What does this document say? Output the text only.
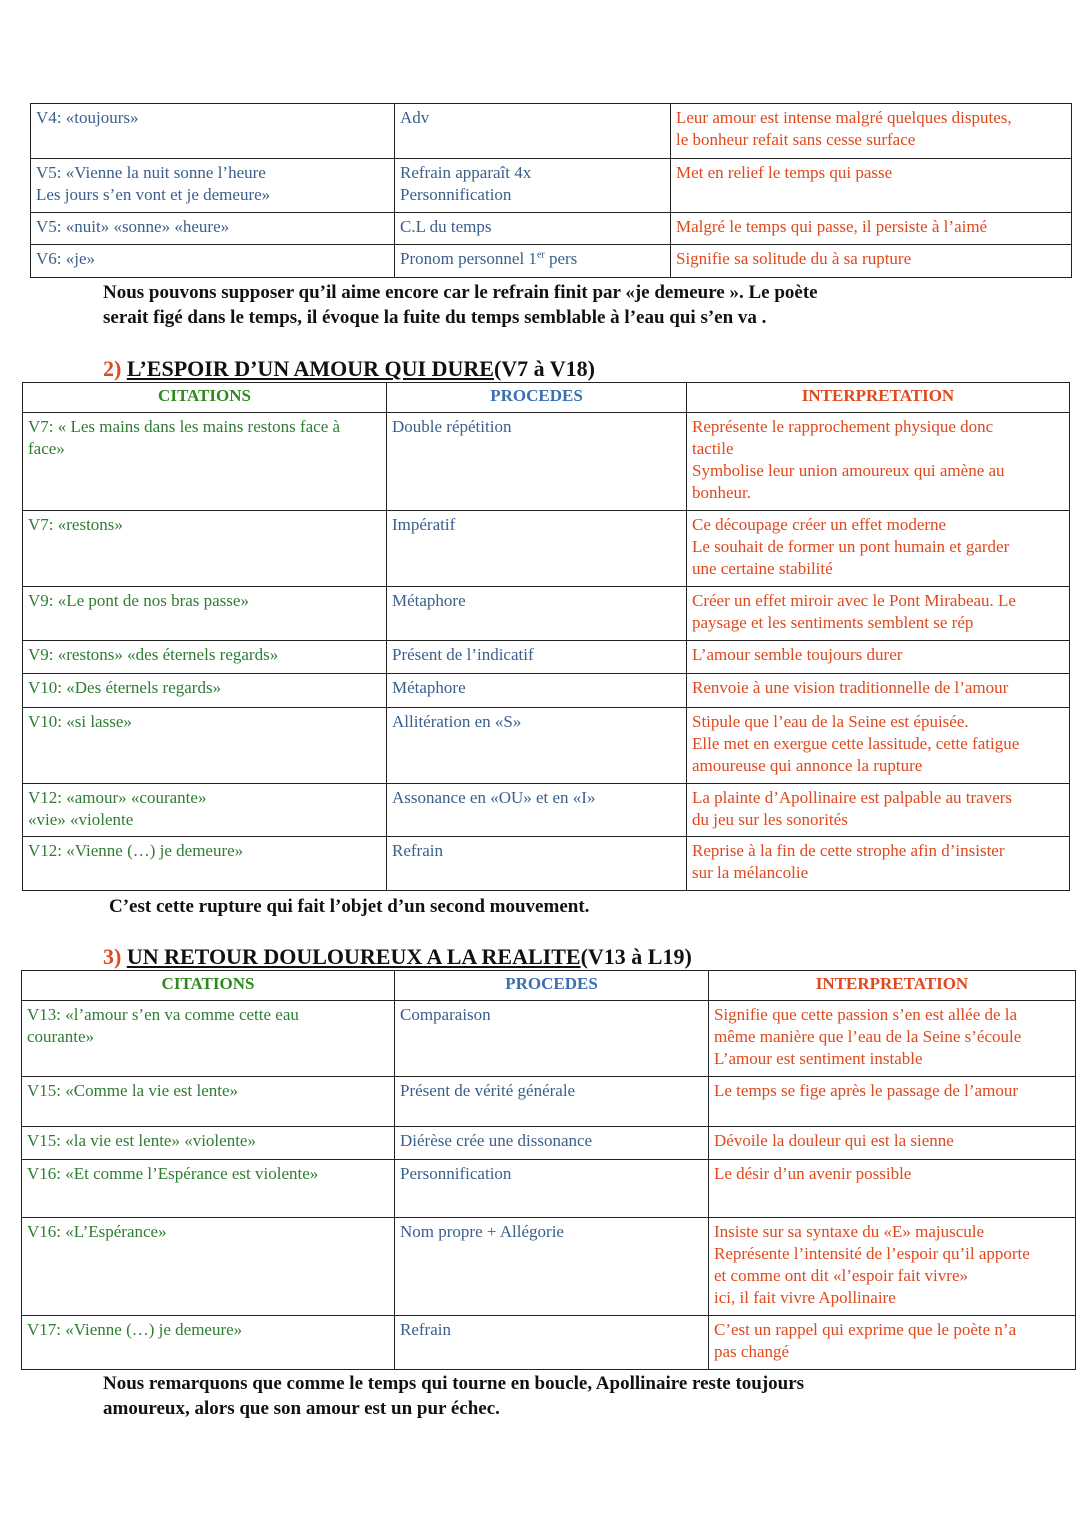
V4: «toujours»	Adv	Leur amour est intense malgré quelques disputes,
le bonheur refait sans cesse surface

V5: «Vienne la nuit sonne l’heure
Les jours s’en vont et je demeure»	Refrain apparaît 4x
Personnification	Met en relief le temps qui passe

V5: «nuit» «sonne» «heure»	C.L du temps	Malgré le temps qui passe, il persiste à l’aimé

V6: «je»	Pronom personnel 1er pers	Signifie sa solitude du à sa rupture
Nous pouvons supposer qu’il aime encore car le refrain finit par «je demeure ». Le poète
serait figé dans le temps, il évoque la fuite du temps semblable à l’eau qui s’en va .
2) L’ESPOIR D’UN AMOUR QUI DURE(V7 à V18)
CITATIONS	PROCEDES	INTERPRETATION

V7: « Les mains dans les mains restons face à
face»	Double répétition	Représente le rapprochement physique donc
tactile
Symbolise leur union amoureux qui amène au
bonheur.

V7: «restons»	Impératif	Ce découpage créer un effet moderne
Le souhait de former un pont humain et garder
une certaine stabilité

V9: «Le pont de nos bras passe»	Métaphore	Créer un effet miroir avec le Pont Mirabeau. Le
paysage et les sentiments semblent se rép

V9: «restons» «des éternels regards»	Présent de l’indicatif	L’amour semble toujours durer

V10: «Des éternels regards»	Métaphore	Renvoie à une vision traditionnelle de l’amour

V10: «si lasse»	Allitération en «S»	Stipule que l’eau de la Seine est épuisée.
Elle met en exergue cette lassitude, cette fatigue
amoureuse qui annonce la rupture

V12: «amour» «courante»
«vie» «violente	Assonance en «OU» et en «I»	La plainte d’Apollinaire est palpable au travers
du jeu sur les sonorités

V12: «Vienne (…) je demeure»	Refrain	Reprise à la fin de cette strophe afin d’insister
sur la mélancolie
C’est cette rupture qui fait l’objet d’un second mouvement.
3) UN RETOUR DOULOUREUX A LA REALITE(V13 à L19)
CITATIONS	PROCEDES	INTERPRETATION

V13: «l’amour s’en va comme cette eau
courante»	Comparaison	Signifie que cette passion s’en est allée de la
même manière que l’eau de la Seine s’écoule
L’amour est sentiment instable

V15: «Comme la vie est lente»	Présent de vérité générale	Le temps se fige après le passage de l’amour

V15: «la vie est lente» «violente»	Diérèse crée une dissonance	Dévoile la douleur qui est la sienne

V16: «Et comme l’Espérance est violente»	Personnification	Le désir d’un avenir possible

V16: «L’Espérance»	Nom propre + Allégorie	Insiste sur sa syntaxe du «E» majuscule
Représente l’intensité de l’espoir qu’il apporte
et comme ont dit «l’espoir fait vivre»
ici, il fait vivre Apollinaire

V17: «Vienne (…) je demeure»	Refrain	C’est un rappel qui exprime que le poète n’a
pas changé
Nous remarquons que comme le temps qui tourne en boucle, Apollinaire reste toujours
amoureux, alors que son amour est un pur échec.
